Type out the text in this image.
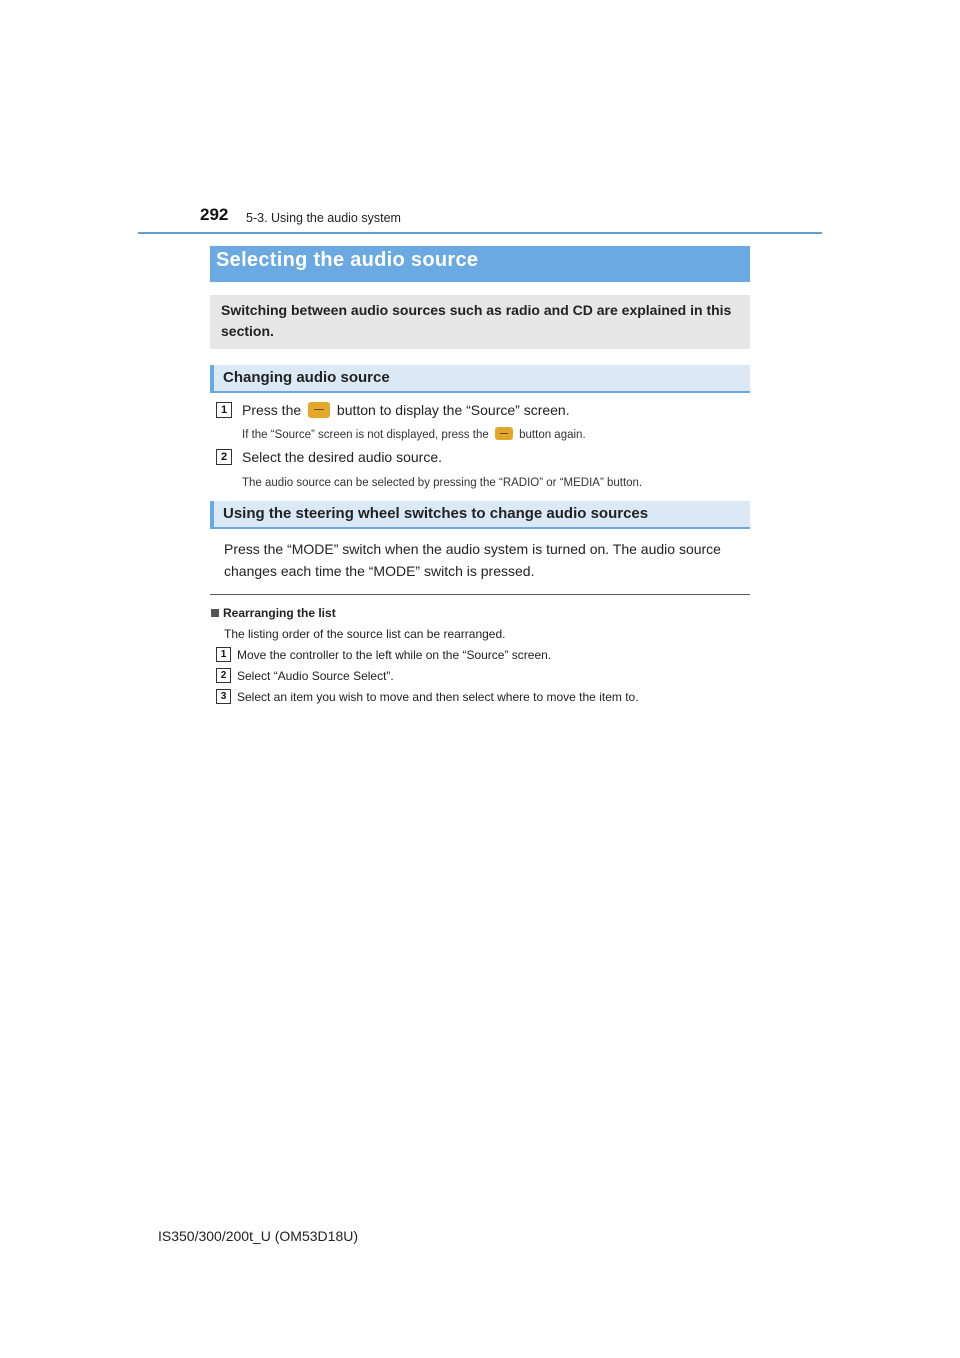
292 5-3. Using the audio system
Selecting the audio source
Switching between audio sources such as radio and CD are explained in this section.
Changing audio source
1	Press the	button to display the “Source” screen.
If the “Source” screen is not displayed, press the	button again.
2	Select the desired audio source.
The audio source can be selected by pressing the “RADIO” or “MEDIA” button.
Using the steering wheel switches to change audio sources
Press the “MODE” switch when the audio system is turned on. The audio source changes each time the “MODE” switch is pressed.
Rearranging the list
The listing order of the source list can be rearranged.
1 Move the controller to the left while on the “Source” screen.
2 Select “Audio Source Select”.
3 Select an item you wish to move and then select where to move the item to.
IS350/300/200t_U (OM53D18U)
